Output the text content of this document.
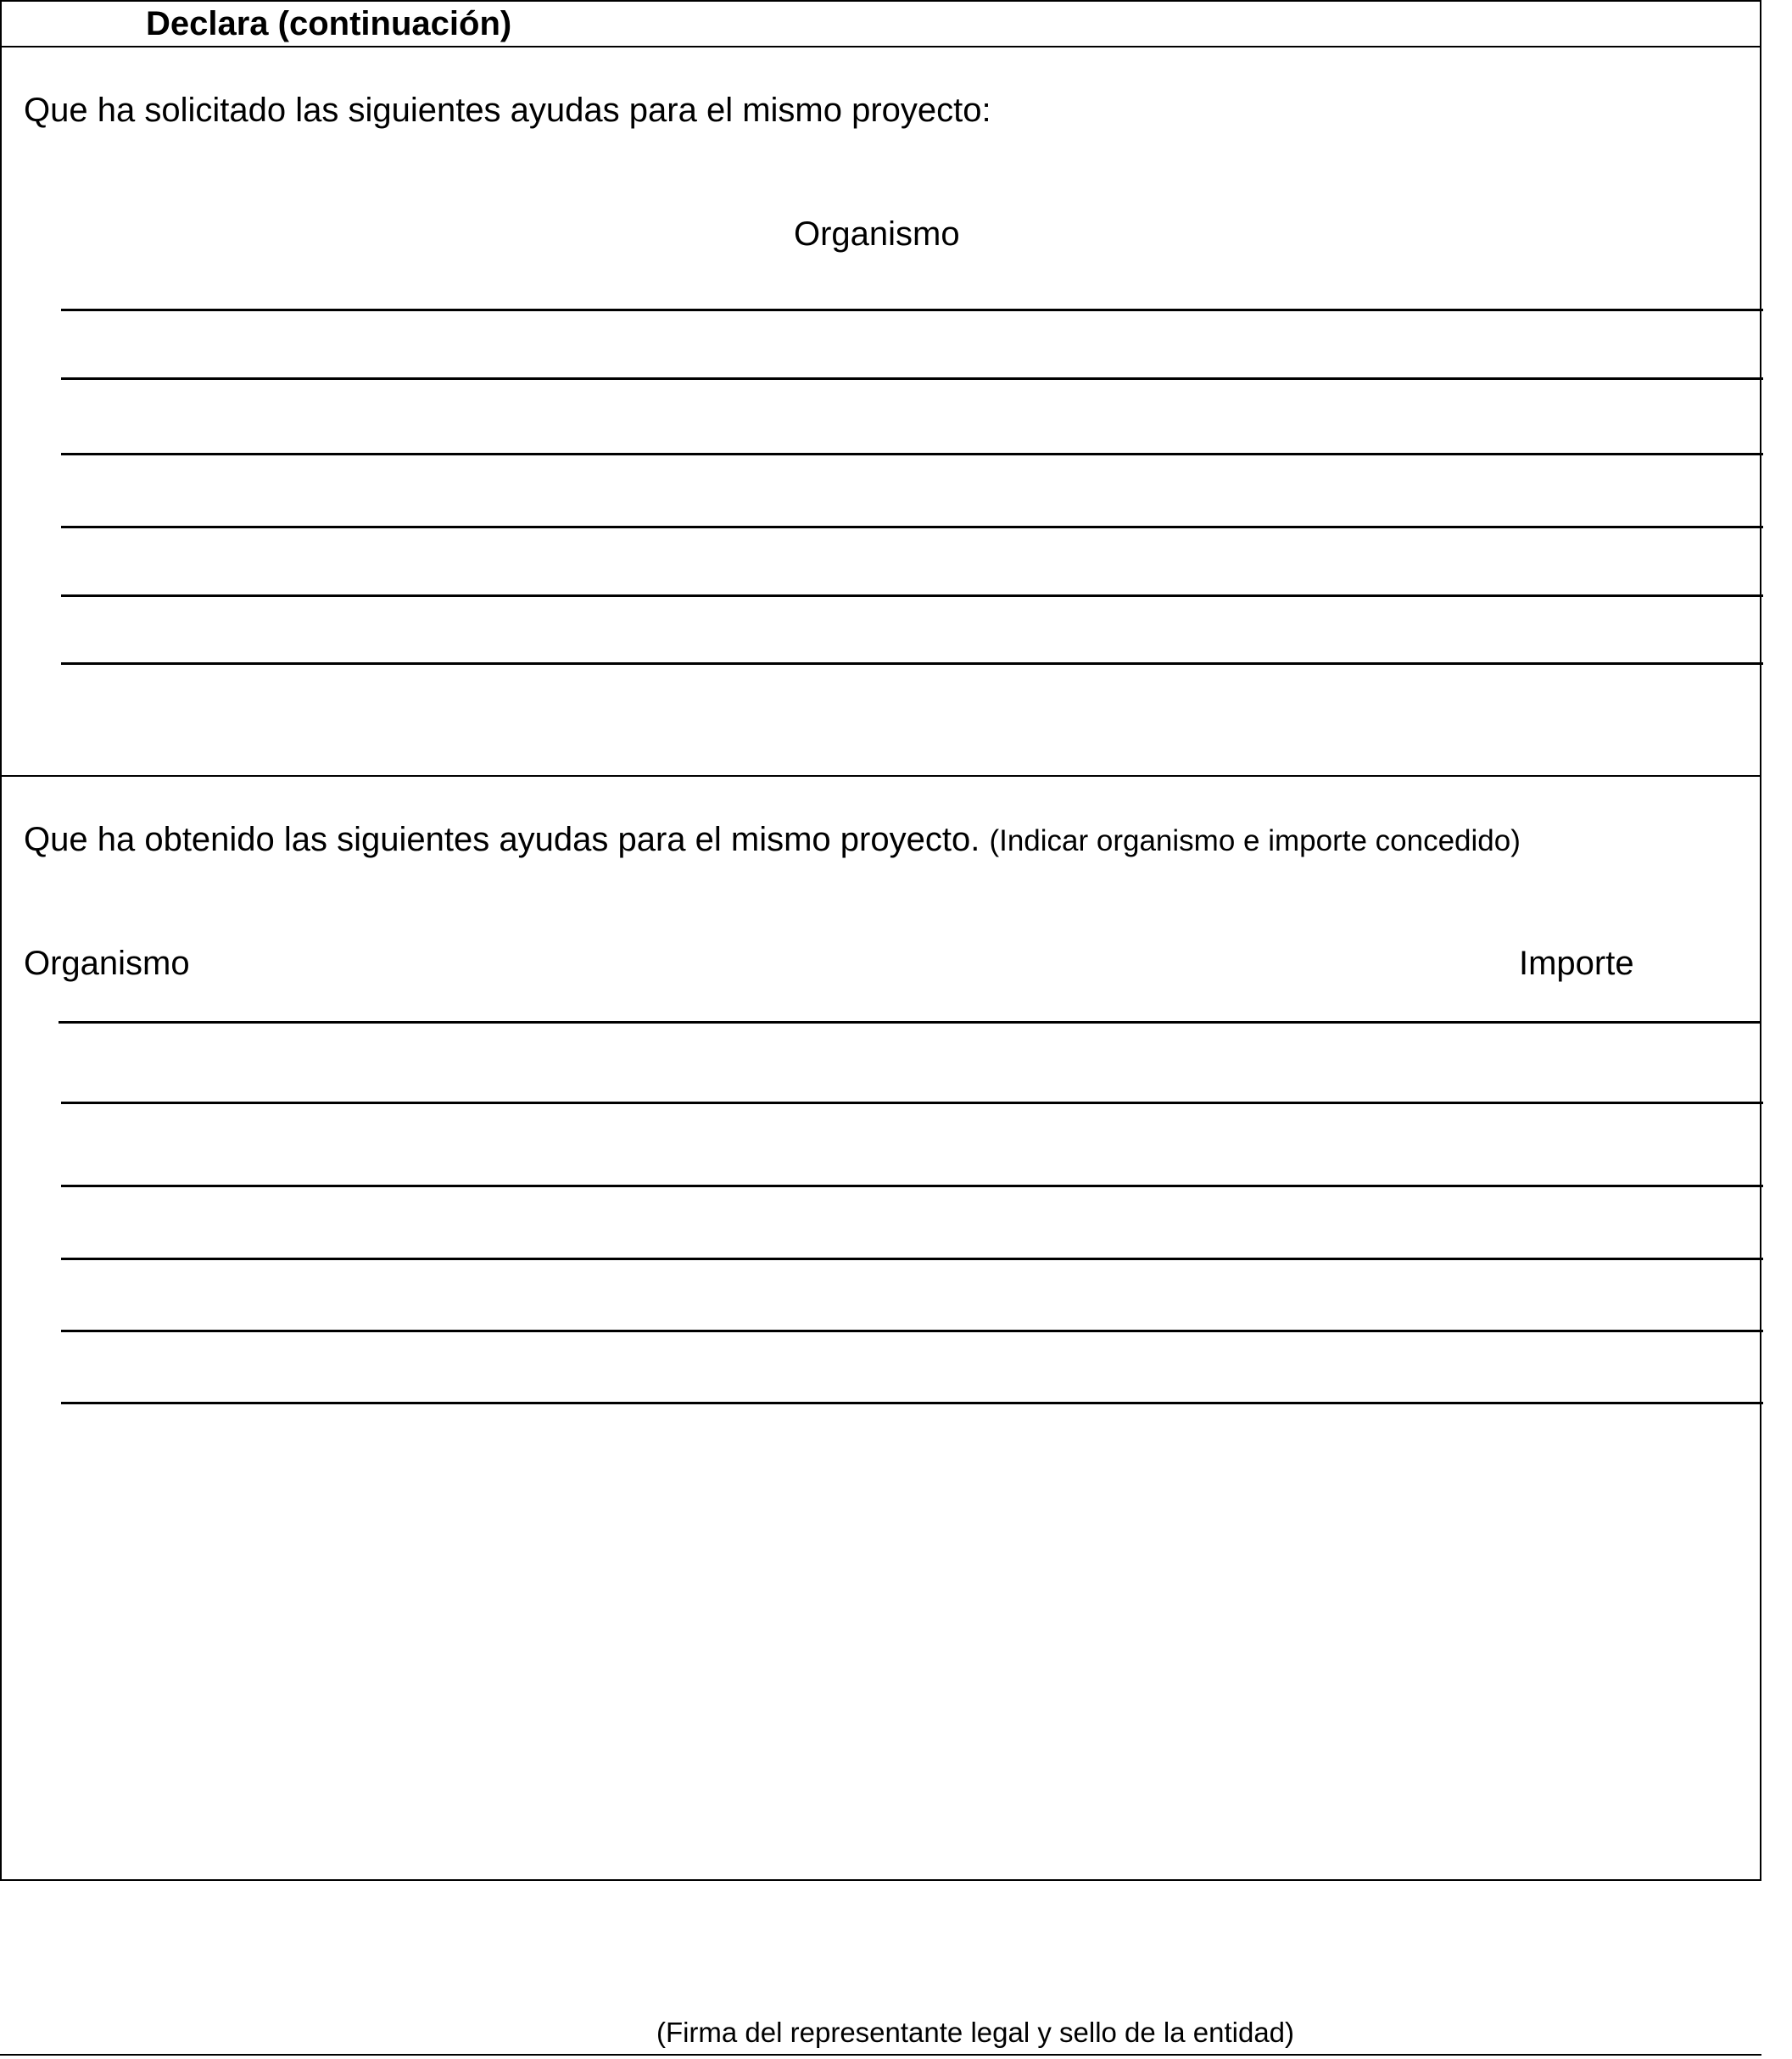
Declara (continuación)
Que ha solicitado las siguientes ayudas para el mismo proyecto:
Organismo
Que ha obtenido las siguientes ayudas para el mismo proyecto. (Indicar organismo e importe concedido)
Organismo	Importe
(Firma del representante legal y sello de la entidad)
